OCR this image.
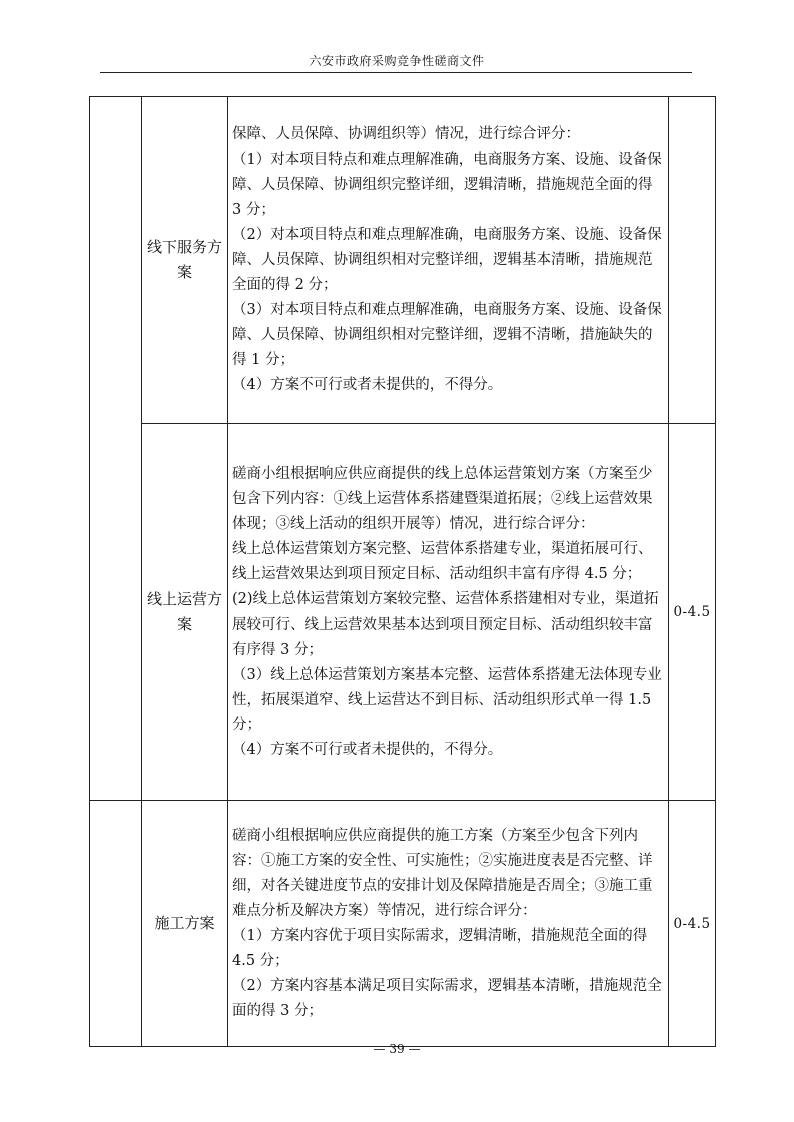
六安市政府采购竞争性磋商文件
	线下服务方案	保障、人员保障、协调组织等）情况，进行综合评分：
（1）对本项目特点和难点理解准确，电商服务方案、设施、设备保障、人员保障、协调组织完整详细，逻辑清晰，措施规范全面的得 3 分；
（2）对本项目特点和难点理解准确，电商服务方案、设施、设备保障、人员保障、协调组织相对完整详细，逻辑基本清晰，措施规范全面的得 2 分；
（3）对本项目特点和难点理解准确，电商服务方案、设施、设备保障、人员保障、协调组织相对完整详细，逻辑不清晰，措施缺失的得 1 分；
（4）方案不可行或者未提供的，不得分。	

	线上运营方案	磋商小组根据响应供应商提供的线上总体运营策划方案（方案至少包含下列内容：①线上运营体系搭建暨渠道拓展；②线上运营效果体现；③线上活动的组织开展等）情况，进行综合评分：
线上总体运营策划方案完整、运营体系搭建专业，渠道拓展可行、线上运营效果达到项目预定目标、活动组织丰富有序得 4.5 分；
(2)线上总体运营策划方案较完整、运营体系搭建相对专业，渠道拓展较可行、线上运营效果基本达到项目预定目标、活动组织较丰富有序得 3 分；
（3）线上总体运营策划方案基本完整、运营体系搭建无法体现专业性，拓展渠道窄、线上运营达不到目标、活动组织形式单一得 1.5 分；
（4）方案不可行或者未提供的，不得分。	0-4.5
	施工方案	磋商小组根据响应供应商提供的施工方案（方案至少包含下列内容：①施工方案的安全性、可实施性；②实施进度表是否完整、详细，对各关键进度节点的安排计划及保障措施是否周全；③施工重难点分析及解决方案）等情况，进行综合评分：
（1）方案内容优于项目实际需求，逻辑清晰，措施规范全面的得 4.5 分；
（2）方案内容基本满足项目实际需求，逻辑基本清晰，措施规范全面的得 3 分；	0-4.5
— 39 —
